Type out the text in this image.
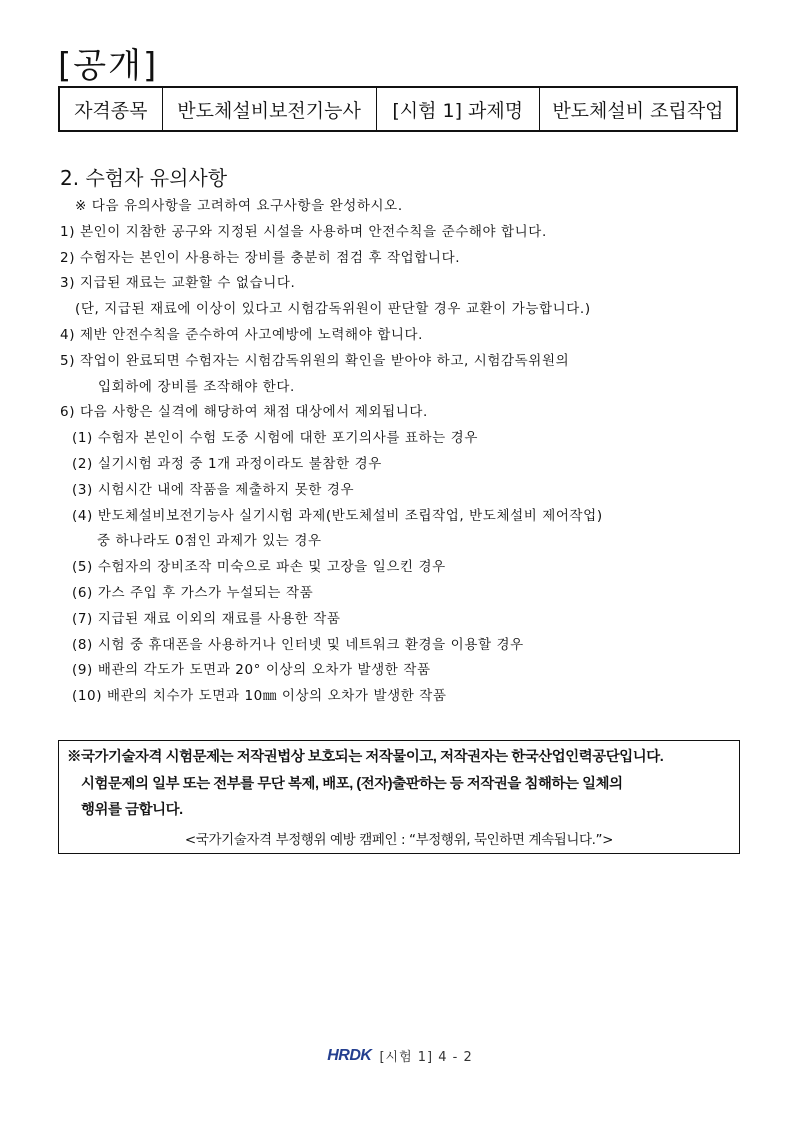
[공개]
자격종목	반도체설비보전기능사	[시험 1] 과제명	반도체설비 조립작업
2. 수험자 유의사항
※ 다음 유의사항을 고려하여 요구사항을 완성하시오.
1) 본인이 지참한 공구와 지정된 시설을 사용하며 안전수칙을 준수해야 합니다.
2) 수험자는 본인이 사용하는 장비를 충분히 점검 후 작업합니다.
3) 지급된 재료는 교환할 수 없습니다.
(단, 지급된 재료에 이상이 있다고 시험감독위원이 판단할 경우 교환이 가능합니다.)
4) 제반 안전수칙을 준수하여 사고예방에 노력해야 합니다.
5) 작업이 완료되면 수험자는 시험감독위원의 확인을 받아야 하고, 시험감독위원의
입회하에 장비를 조작해야 한다.
6) 다음 사항은 실격에 해당하여 채점 대상에서 제외됩니다.
(1) 수험자 본인이 수험 도중 시험에 대한 포기의사를 표하는 경우
(2) 실기시험 과정 중 1개 과정이라도 불참한 경우
(3) 시험시간 내에 작품을 제출하지 못한 경우
(4) 반도체설비보전기능사 실기시험 과제(반도체설비 조립작업, 반도체설비 제어작업)
중 하나라도 0점인 과제가 있는 경우
(5) 수험자의 장비조작 미숙으로 파손 및 고장을 일으킨 경우
(6) 가스 주입 후 가스가 누설되는 작품
(7) 지급된 재료 이외의 재료를 사용한 작품
(8) 시험 중 휴대폰을 사용하거나 인터넷 및 네트워크 환경을 이용할 경우
(9) 배관의 각도가 도면과 20° 이상의 오차가 발생한 작품
(10) 배관의 치수가 도면과 10㎜ 이상의 오차가 발생한 작품
※국가기술자격 시험문제는 저작권법상 보호되는 저작물이고, 저작권자는 한국산업인력공단입니다.
시험문제의 일부 또는 전부를 무단 복제, 배포, (전자)출판하는 등 저작권을 침해하는 일체의
행위를 금합니다.
<국가기술자격 부정행위 예방 캠페인 : “부정행위, 묵인하면 계속됩니다.”>
HRDK [시험 1] 4 - 2
